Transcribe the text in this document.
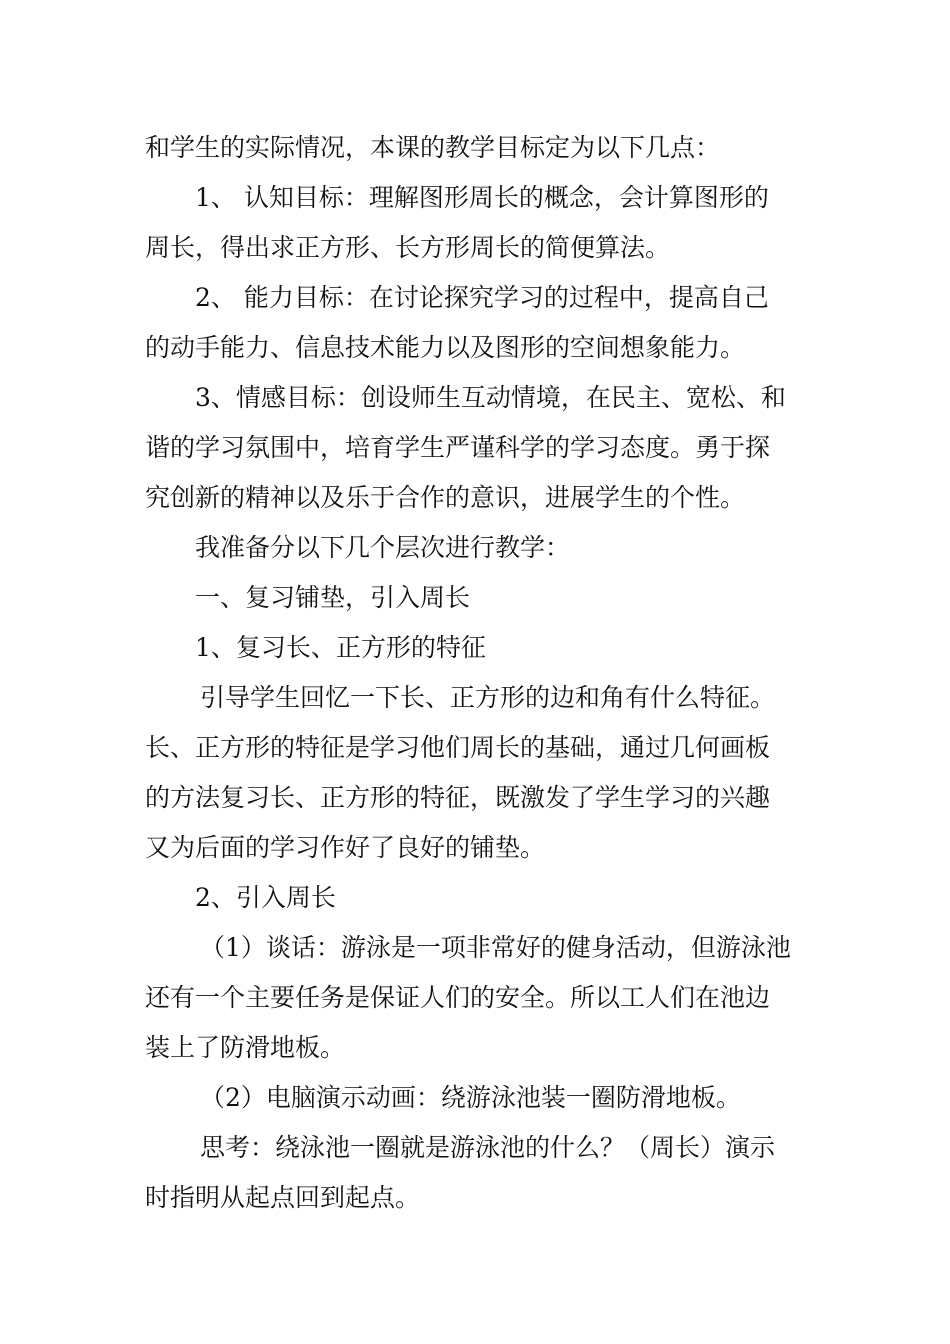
和学生的实际情况，本课的教学目标定为以下几点：
1、 认知目标：理解图形周长的概念，会计算图形的
周长，得出求正方形、长方形周长的简便算法。
2、 能力目标：在讨论探究学习的过程中，提高自己
的动手能力、信息技术能力以及图形的空间想象能力。
3、情感目标：创设师生互动情境，在民主、宽松、和
谐的学习氛围中，培育学生严谨科学的学习态度。勇于探
究创新的精神以及乐于合作的意识，进展学生的个性。
我准备分以下几个层次进行教学：
一、复习铺垫，引入周长
1、复习长、正方形的特征
引导学生回忆一下长、正方形的边和角有什么特征。
长、正方形的特征是学习他们周长的基础，通过几何画板
的方法复习长、正方形的特征，既激发了学生学习的兴趣
又为后面的学习作好了良好的铺垫。
2、引入周长
（1）谈话：游泳是一项非常好的健身活动，但游泳池
还有一个主要任务是保证人们的安全。所以工人们在池边
装上了防滑地板。
（2）电脑演示动画：绕游泳池装一圈防滑地板。
思考：绕泳池一圈就是游泳池的什么？（周长）演示
时指明从起点回到起点。
